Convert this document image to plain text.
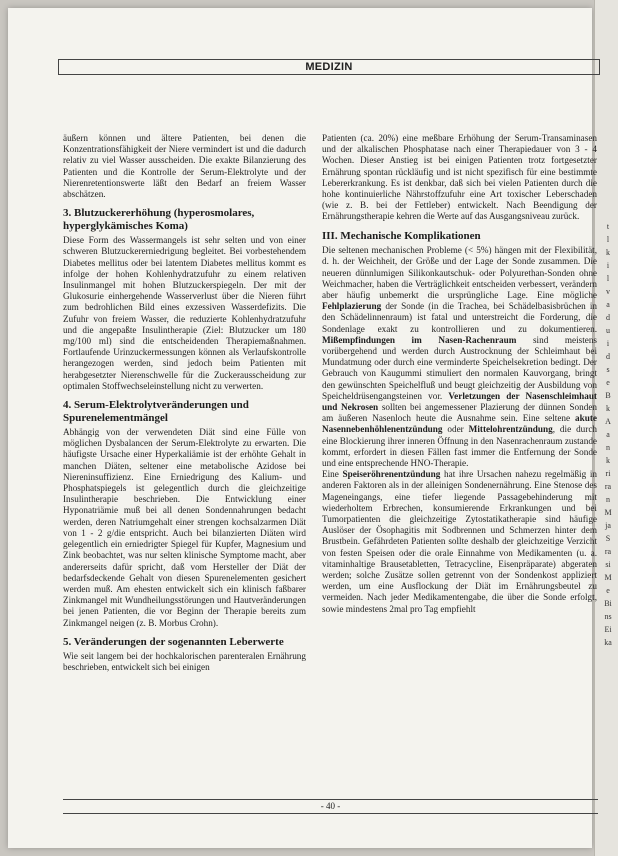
MEDIZIN

äußern können und ältere Patienten, bei denen die Konzentrationsfähigkeit der Niere vermindert ist und die dadurch relativ zu viel Wasser ausscheiden. Die exakte Bilanzierung des Patienten und die Kontrolle der Serum-Elektrolyte und der Nierenretentionswerte läßt den Bedarf an freiem Wasser abschätzen.

3. Blutzuckererhöhung (hyperosmolares, hyperglykämisches Koma)

Diese Form des Wassermangels ist sehr selten und von einer schweren Blutzuckererniedrigung begleitet. Bei vorbestehendem Diabetes mellitus oder bei latentem Diabetes mellitus kommt es infolge der hohen Kohlenhydratzufuhr zu einem relativen Insulinmangel mit hohen Blutzuckerspiegeln. Der mit der Glukosurie einhergehende Wasserverlust über die Nieren führt zum bedrohlichen Bild eines exzessiven Wasserdefizits. Die Zufuhr von freiem Wasser, die reduzierte Kohlenhydratzufuhr und die angepaßte Insulintherapie (Ziel: Blutzucker um 180 mg/100 ml) sind die entscheidenden Therapiemaßnahmen. Fortlaufende Urinzuckermessungen können als Verlaufskontrolle herangezogen werden, sind jedoch beim Patienten mit herabgesetzter Nierenschwelle für die Zuckerausscheidung zur optimalen Stoffwechseleinstellung nicht zu verwerten.

4. Serum-Elektrolytveränderungen und Spurenelementmängel

Abhängig von der verwendeten Diät sind eine Fülle von möglichen Dysbalancen der Serum-Elektrolyte zu erwarten. Die häufigste Ursache einer Hyperkaliämie ist der erhöhte Gehalt in manchen Diäten, seltener eine metabolische Azidose bei Niereninsuffizienz. Eine Erniedrigung des Kalium- und Phosphatspiegels ist gelegentlich durch die gleichzeitige Insulintherapie beschrieben. Die Entwicklung einer Hyponatriämie muß bei all denen Sondennahrungen bedacht werden, deren Natriumgehalt einer strengen kochsalzarmen Diät von 1 - 2 g/die entspricht. Auch bei bilanzierten Diäten wird gelegentlich ein erniedrigter Spiegel für Kupfer, Magnesium und Zink beobachtet, was nur selten klinische Symptome macht, aber andererseits dafür spricht, daß vom Hersteller der Diät der bedarfsdeckende Gehalt von diesen Spurenelementen gesichert werden muß. Am ehesten entwickelt sich ein klinisch faßbarer Zinkmangel mit Wundheilungsstörungen und Hautveränderungen bei jenen Patienten, die vor Beginn der Therapie bereits zum Zinkmangel neigen (z. B. Morbus Crohn).

5. Veränderungen der sogenannten Leberwerte

Wie seit langem bei der hochkalorischen parenteralen Ernährung beschrieben, entwickelt sich bei einigen

Patienten (ca. 20%) eine meßbare Erhöhung der Serum-Transaminasen und der alkalischen Phosphatase nach einer Therapiedauer von 3 - 4 Wochen. Dieser Anstieg ist bei einigen Patienten trotz fortgesetzter Ernährung spontan rückläufig und ist nicht spezifisch für eine bestimmte Lebererkrankung. Es ist denkbar, daß sich bei vielen Patienten durch die hohe kontinuierliche Nährstoffzufuhr eine Art toxischer Leberschaden (wie z. B. bei der Fettleber) entwickelt. Nach Beendigung der Ernährungstherapie kehren die Werte auf das Ausgangsniveau zurück.

III. Mechanische Komplikationen

Die seltenen mechanischen Probleme (< 5%) hängen mit der Flexibilität, d. h. der Weichheit, der Größe und der Lage der Sonde zusammen. Die neueren dünnlumigen Silikonkautschuk- oder Polyurethan-Sonden ohne Weichmacher, haben die Verträglichkeit entscheiden verbessert, verändern aber häufig unbemerkt die ursprüngliche Lage. Eine mögliche Fehlplazierung der Sonde (in die Trachea, bei Schädelbasisbrüchen in den Schädelinnenraum) ist fatal und unterstreicht die Forderung, die Sondenlage exakt zu kontrollieren und zu dokumentieren. Mißempfindungen im Nasen-Rachenraum sind meistens vorübergehend und werden durch Austrocknung der Schleimhaut bei Mundatmung oder durch eine verminderte Speichelsekretion bedingt. Der Gebrauch von Kaugummi stimuliert den normalen Kauvorgang, bringt den gewünschten Speichelfluß und beugt gleichzeitig der Ausbildung von Speicheldrüsengangsteinen vor. Verletzungen der Nasenschleimhaut und Nekrosen sollten bei angemessener Plazierung der dünnen Sonden am äußeren Nasenloch heute die Ausnahme sein. Eine seltene akute Nasennebenhöhlenentzündung oder Mittelohrentzündung, die durch eine Blockierung ihrer inneren Öffnung in den Nasenrachenraum zustande kommt, erfordert in diesen Fällen fast immer die Entfernung der Sonde und eine entsprechende HNO-Therapie.

Eine Speiseröhrenentzündung hat ihre Ursachen nahezu regelmäßig in anderen Faktoren als in der alleinigen Sondenernährung. Eine Stenose des Mageneingangs, eine tiefer liegende Passagebehinderung mit wiederholtem Erbrechen, konsumierende Erkrankungen und bei Tumorpatienten die gleichzeitige Zytostatikatherapie sind häufige Auslöser der Ösophagitis mit Sodbrennen und Schmerzen hinter dem Brustbein. Gefährdeten Patienten sollte deshalb der gleichzeitige Verzicht von festen Speisen oder die orale Einnahme von Medikamenten (u. a. vitaminhaltige Brausetabletten, Tetracycline, Eisenpräparate) abgeraten werden; solche Zusätze sollen getrennt von der Sondenkost appliziert werden, um eine Ausflockung der Diät im Ernährungsbeutel zu vermeiden. Nach jeder Medikamentengabe, die über die Sonde erfolgt, sowie mindestens 2mal pro Tag empfiehlt

- 40 -
t
l
k
i
l
v
a
d
u
i
d
s
e
B
k
A
a
n
k
ri
ra
n
M
ja
S
ra
si
M
e
Bi
ns
Ei
ka
